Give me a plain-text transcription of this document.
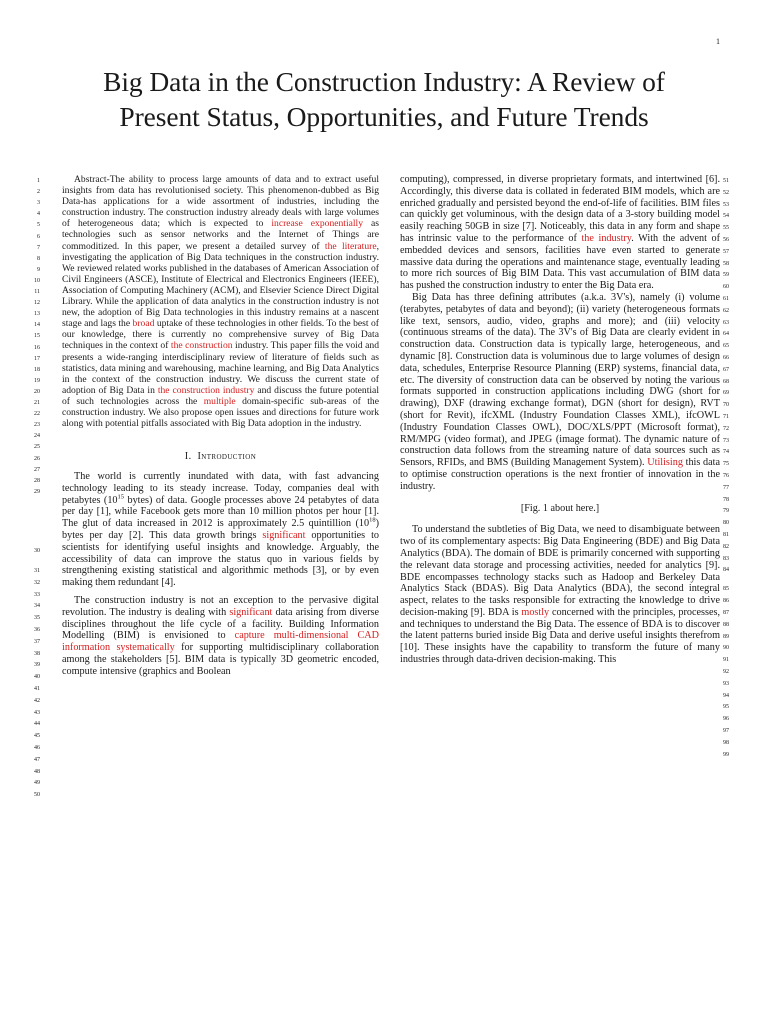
1
Big Data in the Construction Industry: A Review of
Present Status, Opportunities, and Future Trends
1
2
3
4
5
6
7
8
9
10
11
12
13
14
15
16
17
18
19
20
21
22
23
24
25
26
27
28
29
30
31
32
33
34
35
36
37
38
39
40
41
42
43
44
45
46
47
48
49
50
51
52
53
54
55
56
57
58
59
60
61
62
63
64
65
66
67
68
69
70
71
72
73
74
75
76
77
78
79
80
81
82
83
84
85
86
87
88
89
90
91
92
93
94
95
96
97
98
99

Abstract-The ability to process large amounts of data and to extract useful insights from data has revolutionised society. This phenomenon-dubbed as Big Data-has applications for a wide assortment of industries, including the construction industry. The construction industry already deals with large volumes of heterogeneous data; which is expected to increase exponentially as technologies such as sensor networks and the Internet of Things are commoditized. In this paper, we present a detailed survey of the literature, investigating the application of Big Data techniques in the construction industry. We reviewed related works published in the databases of American Association of Civil Engineers (ASCE), Institute of Electrical and Electronics Engineers (IEEE), Association of Computing Machinery (ACM), and Elsevier Science Direct Digital Library. While the application of data analytics in the construction industry is not new, the adoption of Big Data technologies in this industry remains at a nascent stage and lags the broad uptake of these technologies in other fields. To the best of our knowledge, there is currently no comprehensive survey of Big Data techniques in the context of the construction industry. This paper fills the void and presents a wide-ranging interdisciplinary review of literature of fields such as statistics, data mining and warehousing, machine learning, and Big Data Analytics in the context of the construction industry. We discuss the current state of adoption of Big Data in the construction industry and discuss the future potential of such technologies across the multiple domain-specific sub-areas of the construction industry. We also propose open issues and directions for future work along with potential pitfalls associated with Big Data adoption in the industry.

I. Introduction

The world is currently inundated with data, with fast advancing technology leading to its steady increase. Today, companies deal with petabytes ($10^{15}$ bytes) of data. Google processes above 24 petabytes of data per day [1], while Facebook gets more than 10 million photos per hour [1]. The glut of data increased in 2012 is approximately 2.5 quintillion $(10^{18})$ bytes per day [2]. This data growth brings significant opportunities to scientists for identifying useful insights and knowledge. Arguably, the accessibility of data can improve the status quo in various fields by strengthening existing statistical and algorithmic methods [3], or by even making them redundant [4].

The construction industry is not an exception to the pervasive digital revolution. The industry is dealing with significant data arising from diverse disciplines throughout the life cycle of a facility. Building Information Modelling (BIM) is envisioned to capture multi-dimensional CAD information systematically for supporting multidisciplinary collaboration among the stakeholders [5]. BIM data is typically 3D geometric encoded, compute intensive (graphics and Boolean

computing), compressed, in diverse proprietary formats, and intertwined [6]. Accordingly, this diverse data is collated in federated BIM models, which are enriched gradually and persisted beyond the end-of-life of facilities. BIM files can quickly get voluminous, with the design data of a 3-story building model easily reaching 50GB in size [7]. Noticeably, this data in any form and shape has intrinsic value to the performance of the industry. With the advent of embedded devices and sensors, facilities have even started to generate massive data during the operations and maintenance stage, eventually leading to more rich sources of Big BIM Data. This vast accumulation of BIM data has pushed the construction industry to enter the Big Data era.

Big Data has three defining attributes (a.k.a. 3V's), namely (i) volume (terabytes, petabytes of data and beyond); (ii) variety (heterogeneous formats like text, sensors, audio, video, graphs and more); and (iii) velocity (continuous streams of the data). The 3V's of Big Data are clearly evident in construction data. Construction data is typically large, heterogeneous, and dynamic [8]. Construction data is voluminous due to large volumes of design data, schedules, Enterprise Resource Planning (ERP) systems, financial data, etc. The diversity of construction data can be observed by noting the various formats supported in construction applications including DWG (short for drawing), DXF (drawing exchange format), DGN (short for design), RVT (short for Revit), ifcXML (Industry Foundation Classes XML), ifcOWL (Industry Foundation Classes OWL), DOC/XLS/PPT (Microsoft format), RM/MPG (video format), and JPEG (image format). The dynamic nature of construction data follows from the streaming nature of data sources such as Sensors, RFIDs, and BMS (Building Management System). Utilising this data to optimise construction operations is the next frontier of innovation in the industry.

[Fig. 1 about here.]

To understand the subtleties of Big Data, we need to disambiguate between two of its complementary aspects: Big Data Engineering (BDE) and Big Data Analytics (BDA). The domain of BDE is primarily concerned with supporting the relevant data storage and processing activities, needed for analytics [9]. BDE encompasses technology stacks such as Hadoop and Berkeley Data Analytics Stack (BDAS). Big Data Analytics (BDA), the second integral aspect, relates to the tasks responsible for extracting the knowledge to drive decision-making [9]. BDA is mostly concerned with the principles, processes, and techniques to understand the Big Data. The essence of BDA is to discover the latent patterns buried inside Big Data and derive useful insights therefrom [10]. These insights have the capability to transform the future of many industries through data-driven decision-making. This
